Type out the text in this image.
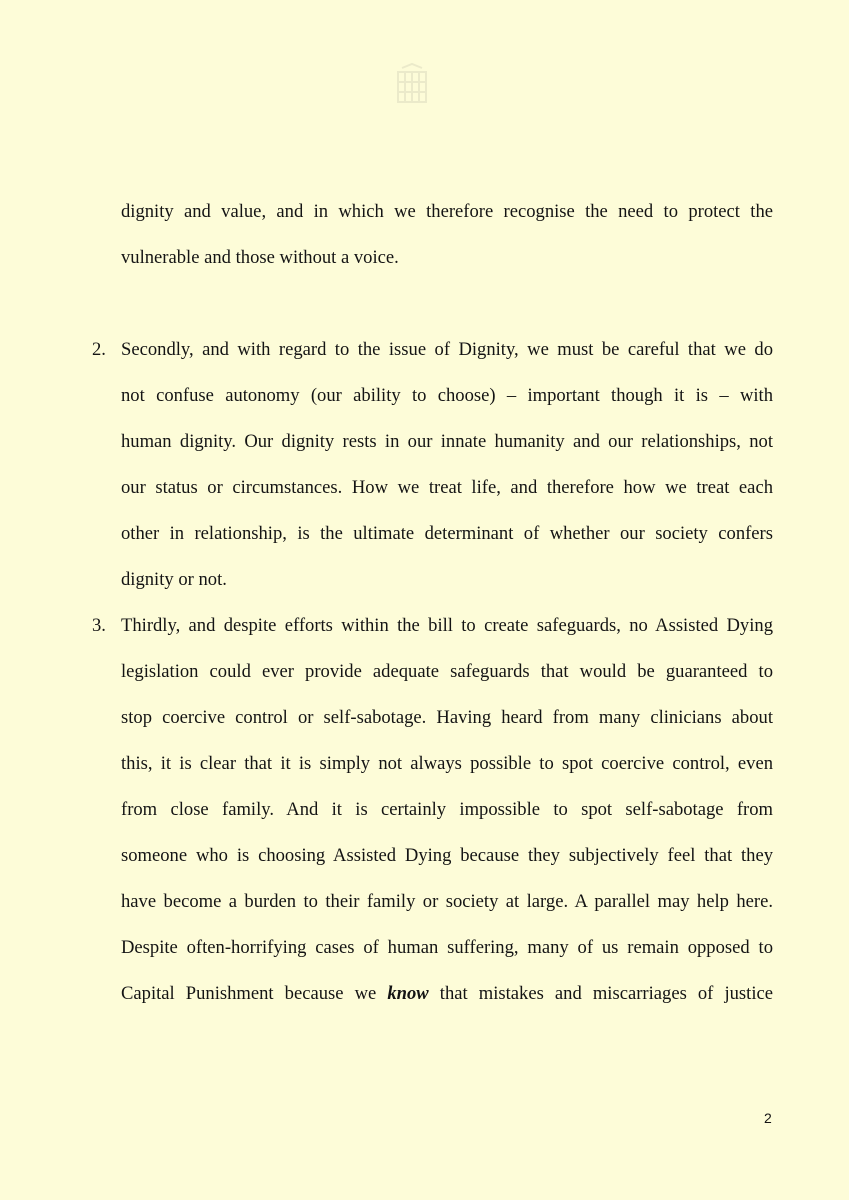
dignity and value, and in which we therefore recognise the need to protect the
vulnerable and those without a voice.
2. Secondly, and with regard to the issue of Dignity, we must be careful that we do
not confuse autonomy (our ability to choose) – important though it is – with
human dignity. Our dignity rests in our innate humanity and our relationships, not
our status or circumstances. How we treat life, and therefore how we treat each
other in relationship, is the ultimate determinant of whether our society confers
dignity or not.
3. Thirdly, and despite efforts within the bill to create safeguards, no Assisted Dying
legislation could ever provide adequate safeguards that would be guaranteed to
stop coercive control or self-sabotage. Having heard from many clinicians about
this, it is clear that it is simply not always possible to spot coercive control, even
from close family. And it is certainly impossible to spot self-sabotage from
someone who is choosing Assisted Dying because they subjectively feel that they
have become a burden to their family or society at large. A parallel may help here.
Despite often-horrifying cases of human suffering, many of us remain opposed to
Capital Punishment because we know that mistakes and miscarriages of justice
2
